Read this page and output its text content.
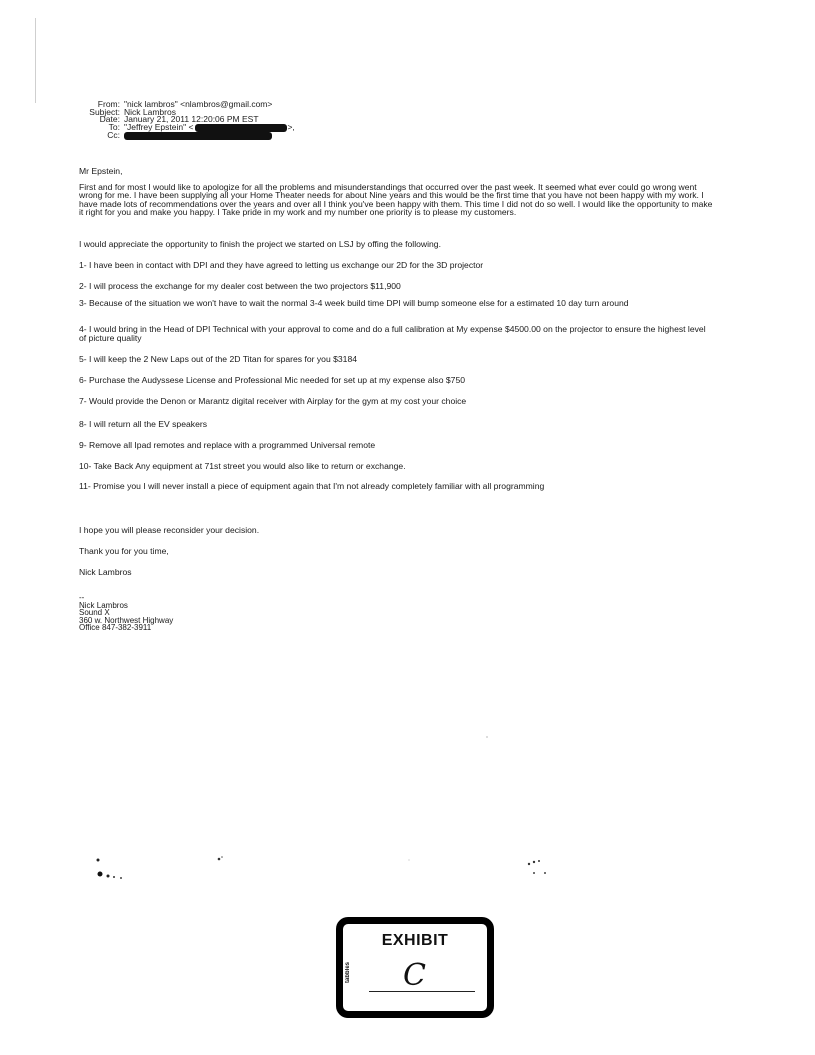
From: "nick lambros" <nlambros@gmail.com>
Subject: Nick Lambros
Date: January 21, 2011 12:20:06 PM EST
To: "Jeffrey Epstein" <	>,
Cc:
Mr Epstein,
First and for most I would like to apologize for all the problems and misunderstandings that occurred over the past week. It seemed what ever could go wrong went
wrong for me. I have been supplying all your Home Theater needs for about Nine years and this would be the first time that you have not been happy with my work. I
have made lots of recommendations over the years and over all I think you've been happy with them. This time I did not do so well. I would like the opportunity to make
it right for you and make you happy. I Take pride in my work and my number one priority is to please my customers.
I would appreciate the opportunity to finish the project we started on LSJ by offing the following.
1- I have been in contact with DPI and they have agreed to letting us exchange our 2D for the 3D projector
2- I will process the exchange for my dealer cost between the two projectors $11,900
3- Because of the situation we won't have to wait the normal 3-4 week build time DPI will bump someone else for a estimated 10 day turn around
4- I would bring in the Head of DPI Technical with your approval to come and do a full calibration at My expense $4500.00 on the projector to ensure the highest level
of picture quality
5- I will keep the 2 New Laps out of the 2D Titan for spares for you $3184
6- Purchase the Audyssese License and Professional Mic needed for set up at my expense also $750
7- Would provide the Denon or Marantz digital receiver with Airplay for the gym at my cost your choice
8- I will return all the EV speakers
9- Remove all Ipad remotes and replace with a programmed Universal remote
10- Take Back Any equipment at 71st street you would also like to return or exchange.
11- Promise you I will never install a piece of equipment again that I'm not already completely familiar with all programming
I hope you will please reconsider your decision.
Thank you for you time,
Nick Lambros
--
Nick Lambros
Sound X
360 w. Northwest Highway
Office 847-382-3911
EXHIBIT
tabbles C
